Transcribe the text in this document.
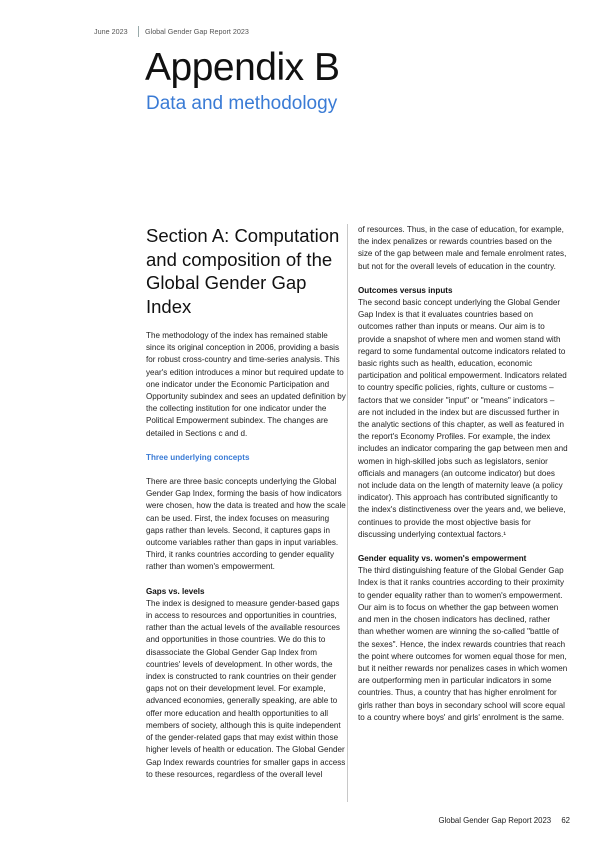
June 2023 Global Gender Gap Report 2023
Appendix B
Data and methodology
Section A: Computation and composition of the Global Gender Gap Index

The methodology of the index has remained stable since its original conception in 2006, providing a basis for robust cross-country and time-series analysis. This year's edition introduces a minor but required update to one indicator under the Economic Participation and Opportunity subindex and sees an updated definition by the collecting institution for one indicator under the Political Empowerment subindex. The changes are detailed in Sections c and d.

Three underlying concepts

There are three basic concepts underlying the Global Gender Gap Index, forming the basis of how indicators were chosen, how the data is treated and how the scale can be used. First, the index focuses on measuring gaps rather than levels. Second, it captures gaps in outcome variables rather than gaps in input variables. Third, it ranks countries according to gender equality rather than women's empowerment.

Gaps vs. levels

The index is designed to measure gender-based gaps in access to resources and opportunities in countries, rather than the actual levels of the available resources and opportunities in those countries. We do this to disassociate the Global Gender Gap Index from countries' levels of development. In other words, the index is constructed to rank countries on their gender gaps not on their development level. For example, advanced economies, generally speaking, are able to offer more education and health opportunities to all members of society, although this is quite independent of the gender-related gaps that may exist within those higher levels of health or education. The Global Gender Gap Index rewards countries for smaller gaps in access to these resources, regardless of the overall level

of resources. Thus, in the case of education, for example, the index penalizes or rewards countries based on the size of the gap between male and female enrolment rates, but not for the overall levels of education in the country.

Outcomes versus inputs

The second basic concept underlying the Global Gender Gap Index is that it evaluates countries based on outcomes rather than inputs or means. Our aim is to provide a snapshot of where men and women stand with regard to some fundamental outcome indicators related to basic rights such as health, education, economic participation and political empowerment. Indicators related to country specific policies, rights, culture or customs – factors that we consider "input" or "means" indicators – are not included in the index but are discussed further in the analytic sections of this chapter, as well as featured in the report's Economy Profiles. For example, the index includes an indicator comparing the gap between men and women in high-skilled jobs such as legislators, senior officials and managers (an outcome indicator) but does not include data on the length of maternity leave (a policy indicator). This approach has contributed significantly to the index's distinctiveness over the years and, we believe, continues to provide the most objective basis for discussing underlying contextual factors.¹

Gender equality vs. women's empowerment

The third distinguishing feature of the Global Gender Gap Index is that it ranks countries according to their proximity to gender equality rather than to women's empowerment. Our aim is to focus on whether the gap between women and men in the chosen indicators has declined, rather than whether women are winning the so-called "battle of the sexes". Hence, the index rewards countries that reach the point where outcomes for women equal those for men, but it neither rewards nor penalizes cases in which women are outperforming men in particular indicators in some countries. Thus, a country that has higher enrolment for girls rather than boys in secondary school will score equal to a country where boys' and girls' enrolment is the same.

Global Gender Gap Report 2023 62
